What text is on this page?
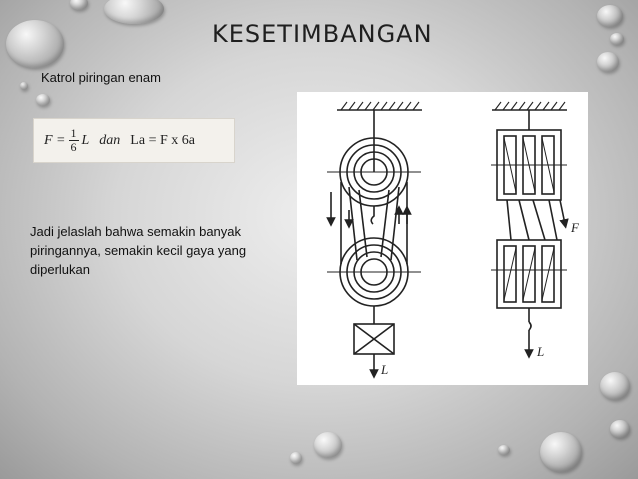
KESETIMBANGAN
Katrol piringan enam
$F = \frac{1}{6}$ L dan La = F x 6a
Jadi jelaslah bahwa semakin banyak piringannya, semakin kecil gaya yang diperlukan
F
L
L
